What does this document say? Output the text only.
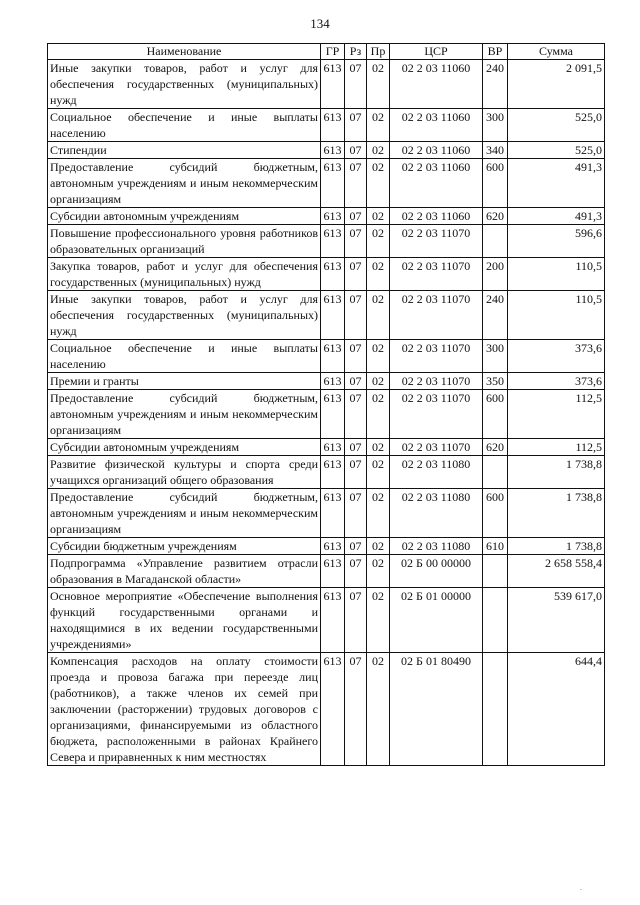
134
Наименование	ГР	Рз	Пр	ЦСР	ВР	Сумма
Иные закупки товаров, работ и услуг для обеспечения государственных (муниципальных) нужд	613	07	02	02 2 03 11060	240	2 091,5
Социальное обеспечение и иные выплаты населению	613	07	02	02 2 03 11060	300	525,0
Стипендии	613	07	02	02 2 03 11060	340	525,0
Предоставление субсидий бюджетным, автономным учреждениям и иным некоммерческим организациям	613	07	02	02 2 03 11060	600	491,3
Субсидии автономным учреждениям	613	07	02	02 2 03 11060	620	491,3
Повышение профессионального уровня работников образовательных организаций	613	07	02	02 2 03 11070		596,6
Закупка товаров, работ и услуг для обеспечения государственных (муниципальных) нужд	613	07	02	02 2 03 11070	200	110,5
Иные закупки товаров, работ и услуг для обеспечения государственных (муниципальных) нужд	613	07	02	02 2 03 11070	240	110,5
Социальное обеспечение и иные выплаты населению	613	07	02	02 2 03 11070	300	373,6
Премии и гранты	613	07	02	02 2 03 11070	350	373,6
Предоставление субсидий бюджетным, автономным учреждениям и иным некоммерческим организациям	613	07	02	02 2 03 11070	600	112,5
Субсидии автономным учреждениям	613	07	02	02 2 03 11070	620	112,5
Развитие физической культуры и спорта среди учащихся организаций общего образования	613	07	02	02 2 03 11080		1 738,8
Предоставление субсидий бюджетным, автономным учреждениям и иным некоммерческим организациям	613	07	02	02 2 03 11080	600	1 738,8
Субсидии бюджетным учреждениям	613	07	02	02 2 03 11080	610	1 738,8
Подпрограмма «Управление развитием отрасли образования в Магаданской области»	613	07	02	02 Б 00 00000		2 658 558,4
Основное мероприятие «Обеспечение выполнения функций государственными органами и находящимися в их ведении государственными учреждениями»	613	07	02	02 Б 01 00000		539 617,0
Компенсация расходов на оплату стоимости проезда и провоза багажа при переезде лиц (работников), а также членов их семей при заключении (расторжении) трудовых договоров с организациями, финансируемыми из областного бюджета, расположенными в районах Крайнего Севера и приравненных к ним местностях	613	07	02	02 Б 01 80490		644,4
.
